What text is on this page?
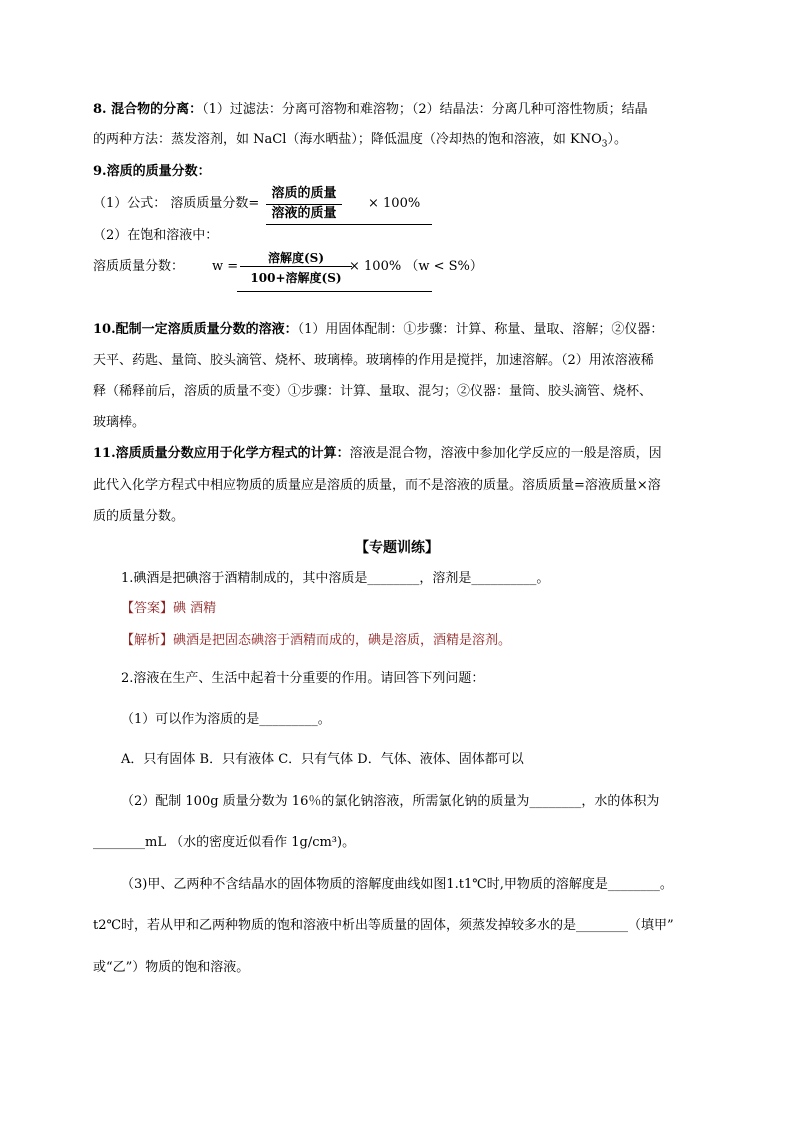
8. 混合物的分离：（1）过滤法：分离可溶物和难溶物；（2）结晶法：分离几种可溶性物质；结晶
的两种方法：蒸发溶剂，如 NaCl（海水晒盐）；降低温度（冷却热的饱和溶液，如 $KNO_3$）。
9.溶质的质量分数：
（1）公式： 溶质质量分数=
溶质的质量
溶液的质量
× 100%
（2）在饱和溶液中：
溶质质量分数： w =
溶解度(S)
100+溶解度(S)
× 100% （w < S%）
10.配制一定溶质质量分数的溶液：（1）用固体配制：①步骤：计算、称量、量取、溶解；②仪器：
天平、药匙、量筒、胶头滴管、烧杯、玻璃棒。玻璃棒的作用是搅拌，加速溶解。（2）用浓溶液稀
释（稀释前后，溶质的质量不变）①步骤：计算、量取、混匀；②仪器：量筒、胶头滴管、烧杯、
玻璃棒。
11.溶质质量分数应用于化学方程式的计算：溶液是混合物，溶液中参加化学反应的一般是溶质，因
此代入化学方程式中相应物质的质量应是溶质的质量，而不是溶液的质量。溶质质量=溶液质量×溶
质的质量分数。
【专题训练】
1.碘酒是把碘溶于酒精制成的，其中溶质是________，溶剂是__________。
【答案】碘 酒精
【解析】碘酒是把固态碘溶于酒精而成的，碘是溶质，酒精是溶剂。
2.溶液在生产、生活中起着十分重要的作用。请回答下列问题：
（1）可以作为溶质的是_________。
A．只有固体 B．只有液体 C．只有气体 D．气体、液体、固体都可以
（2）配制 100g 质量分数为 16％的氯化钠溶液，所需氯化钠的质量为________，水的体积为
________mL （水的密度近似看作 1g/cm³)。
（3)甲、乙两种不含结晶水的固体物质的溶解度曲线如图1.t1℃时,甲物质的溶解度是________。
t2℃时，若从甲和乙两种物质的饱和溶液中析出等质量的固体，须蒸发掉较多水的是________（填甲”
或“乙”）物质的饱和溶液。
